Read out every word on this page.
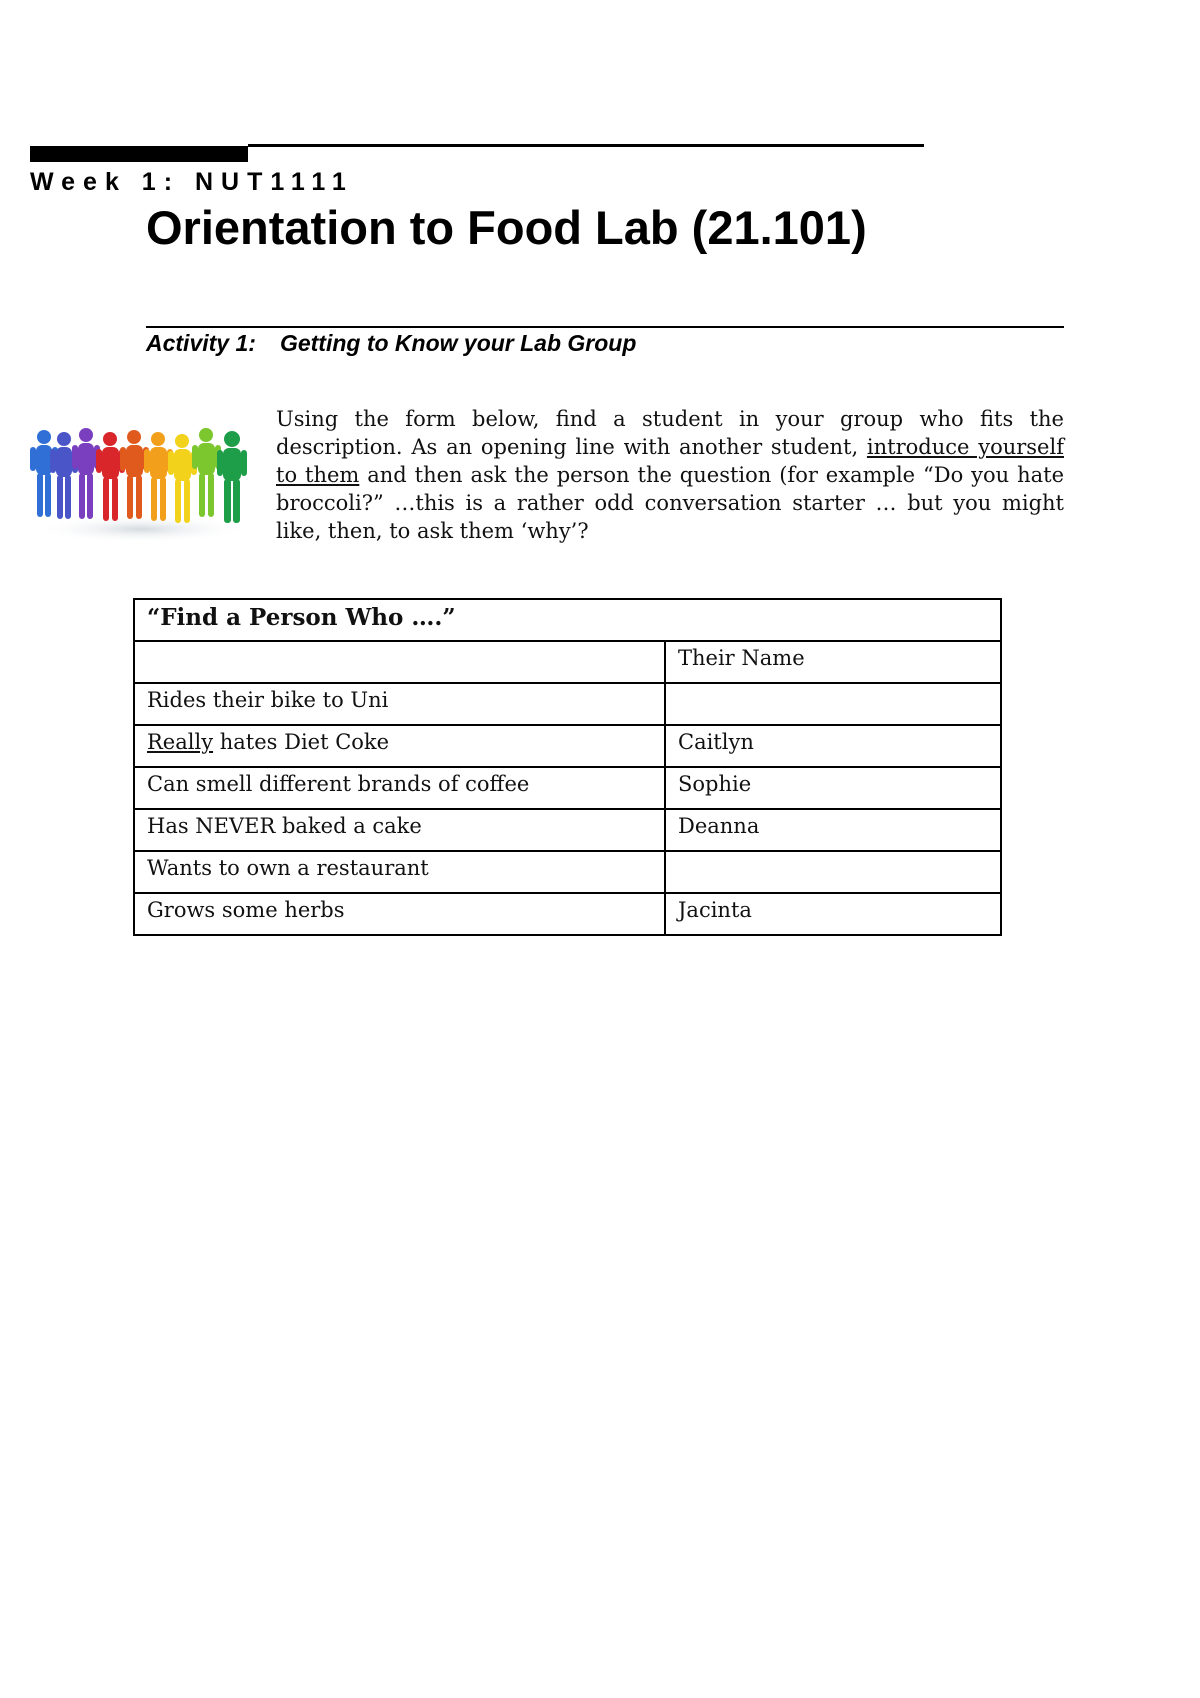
Week 1: NUT1111
Orientation to Food Lab (21.101)
Activity 1: Getting to Know your Lab Group
Using the form below, find a student in your group who fits the description. As an opening line with another student, introduce yourself to them and then ask the person the question (for example “Do you hate broccoli?” …this is a rather odd conversation starter … but you might like, then, to ask them ‘why’?
“Find a Person Who ….”	
	Their Name
Rides their bike to Uni	
Really hates Diet Coke	Caitlyn
Can smell different brands of coffee	Sophie
Has NEVER baked a cake	Deanna
Wants to own a restaurant	
Grows some herbs	Jacinta
